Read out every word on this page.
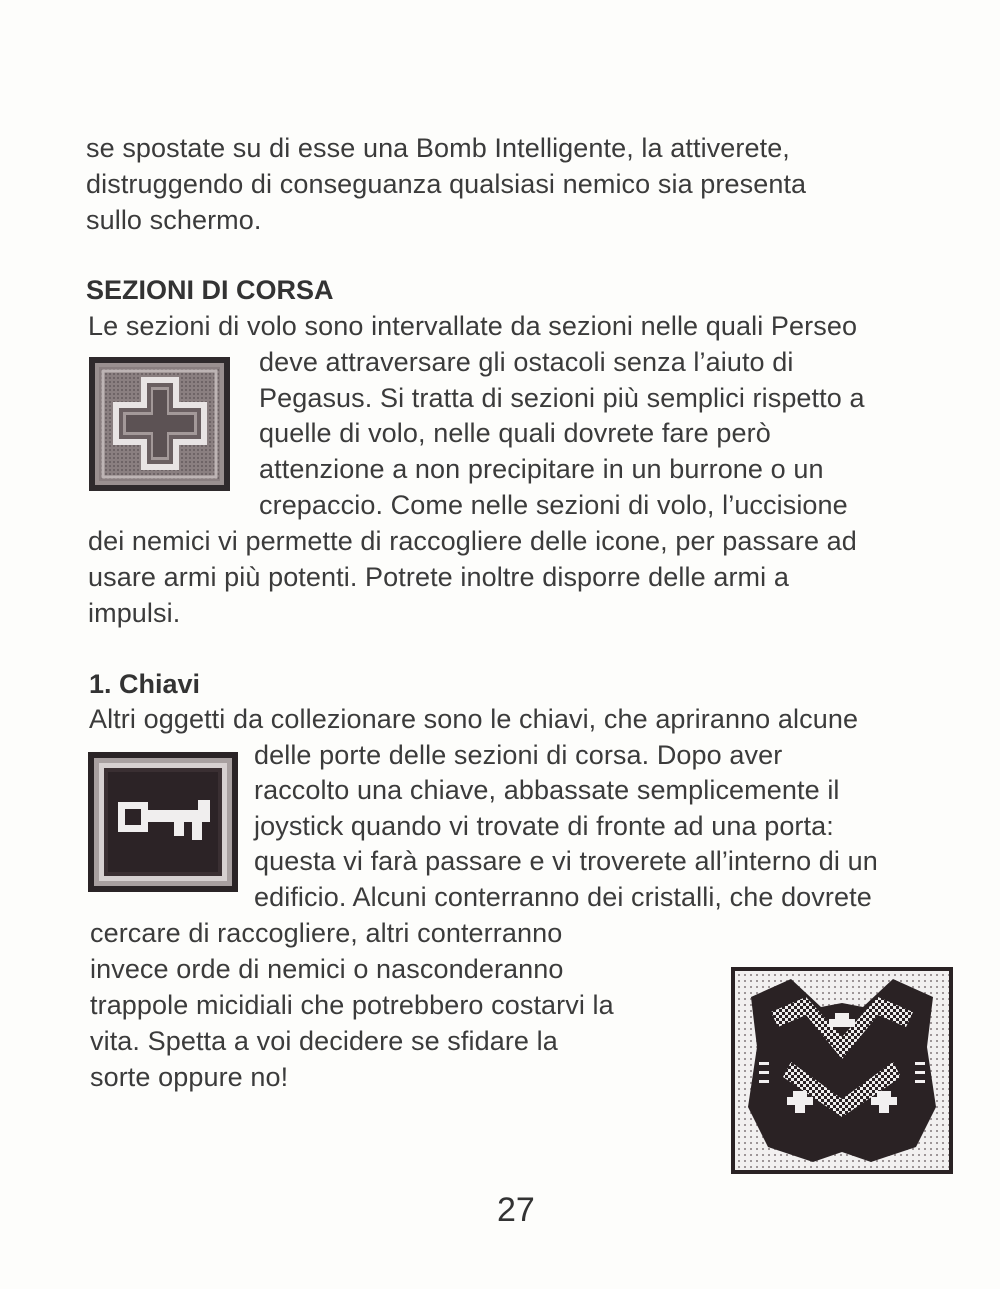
se spostate su di esse una Bomb Intelligente, la attiverete,
distruggendo di conseguanza qualsiasi nemico sia presenta
sullo schermo.
SEZIONI DI CORSA
Le sezioni di volo sono intervallate da sezioni nelle quali Perseo
deve attraversare gli ostacoli senza l’aiuto di
Pegasus. Si tratta di sezioni più semplici rispetto a
quelle di volo, nelle quali dovrete fare però
attenzione a non precipitare in un burrone o un
crepaccio. Come nelle sezioni di volo, l’uccisione
dei nemici vi permette di raccogliere delle icone, per passare ad
usare armi più potenti. Potrete inoltre disporre delle armi a
impulsi.
1. Chiavi
Altri oggetti da collezionare sono le chiavi, che apriranno alcune
delle porte delle sezioni di corsa. Dopo aver
raccolto una chiave, abbassate semplicemente il
joystick quando vi trovate di fronte ad una porta:
questa vi farà passare e vi troverete all’interno di un
edificio. Alcuni conterranno dei cristalli, che dovrete
cercare di raccogliere, altri conterranno
invece orde di nemici o nasconderanno
trappole micidiali che potrebbero costarvi la
vita. Spetta a voi decidere se sfidare la
sorte oppure no!
27
